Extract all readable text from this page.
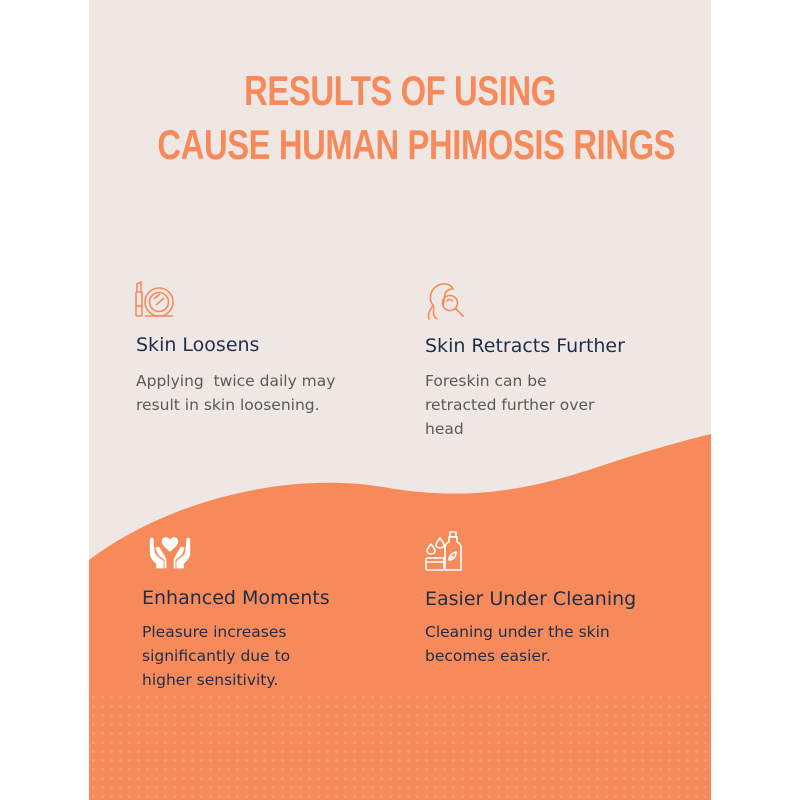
RESULTS OF USING
CAUSE HUMAN PHIMOSIS RINGS
Skin Loosens
Applying  twice daily may
result in skin loosening.
Skin Retracts Further
Foreskin can be
retracted further over
head
Enhanced Moments
Pleasure increases
significantly due to
higher sensitivity.
Easier Under Cleaning
Cleaning under the skin
becomes easier.
